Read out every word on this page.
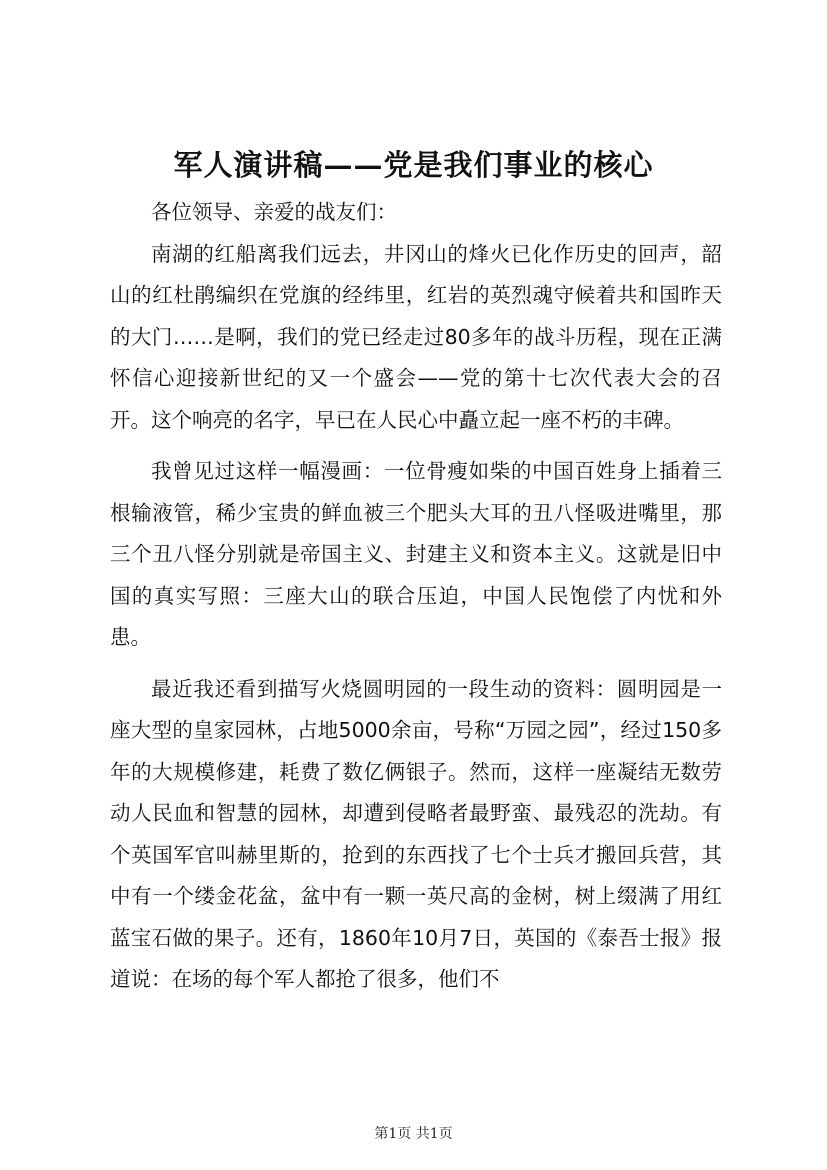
军人演讲稿——党是我们事业的核心

各位领导、亲爱的战友们：

南湖的红船离我们远去，井冈山的烽火已化作历史的回声，韶山的红杜鹃编织在党旗的经纬里，红岩的英烈魂守候着共和国昨天的大门……是啊，我们的党已经走过80多年的战斗历程，现在正满怀信心迎接新世纪的又一个盛会——党的第十七次代表大会的召开。这个响亮的名字，早已在人民心中矗立起一座不朽的丰碑。

我曾见过这样一幅漫画：一位骨瘦如柴的中国百姓身上插着三根输液管，稀少宝贵的鲜血被三个肥头大耳的丑八怪吸进嘴里，那三个丑八怪分别就是帝国主义、封建主义和资本主义。这就是旧中国的真实写照：三座大山的联合压迫，中国人民饱偿了内忧和外患。

最近我还看到描写火烧圆明园的一段生动的资料：圆明园是一座大型的皇家园林，占地5000余亩，号称“万园之园”，经过150多年的大规模修建，耗费了数亿俩银子。然而，这样一座凝结无数劳动人民血和智慧的园林，却遭到侵略者最野蛮、最残忍的洗劫。有个英国军官叫赫里斯的，抢到的东西找了七个士兵才搬回兵营，其中有一个缕金花盆，盆中有一颗一英尺高的金树，树上缀满了用红蓝宝石做的果子。还有，1860年10月7日，英国的《泰吾士报》报道说：在场的每个军人都抢了很多，他们不

第1页 共1页
